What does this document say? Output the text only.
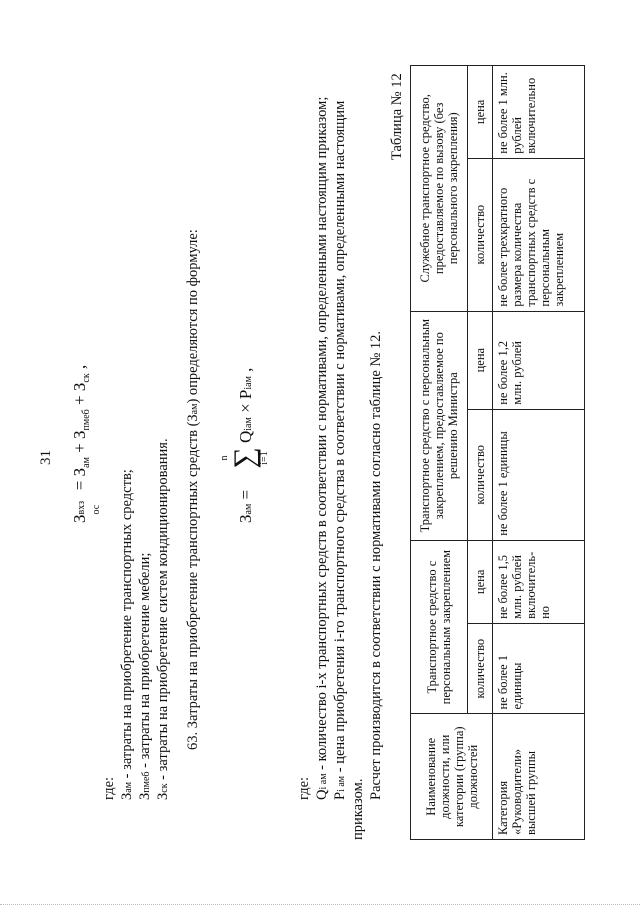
31
З
вхз ос
= $З_{ам} + З_{пмеб} + З_{ск}$ ,
где: Зам - затраты на приобретение транспортных средств;
Зпмеб - затраты на приобретение мебели;
Зск - затраты на приобретение систем кондиционирования. 63. Затраты на приобретение транспортных средств (Зам) определяются по формуле:
Зам =
n
∑
i=1
Qiам × Piам ,
где: Qi ам - количество i-х транспортных средств в соответствии с нормативами, определенными настоящим приказом;
Pi ам - цена приобретения i-го транспортного средства в соответствии с нормативами, определенными настоящим
приказом.
Расчет производится в соответствии с нормативами согласно таблице № 12.
Таблица № 12
Наименование должности, или категории (группа) должностей	Транспортное средство с персональным закреплением		Транспортное средство с персональным закреплением, предоставляемое по решению Министра		Служебное транспортное средство, предоставляемое по вызову (без персонального закрепления)	
	количество	цена	количество	цена	количество	цена
Категория «Руководители» высшей группы	не более 1 единицы	не более 1,5 млн. рублей включитель-но	не более 1 единицы	не более 1,2 млн. рублей	не более трехкратного размера количества транспортных средств с персональным закреплением	не более 1 млн. рублей включительно
